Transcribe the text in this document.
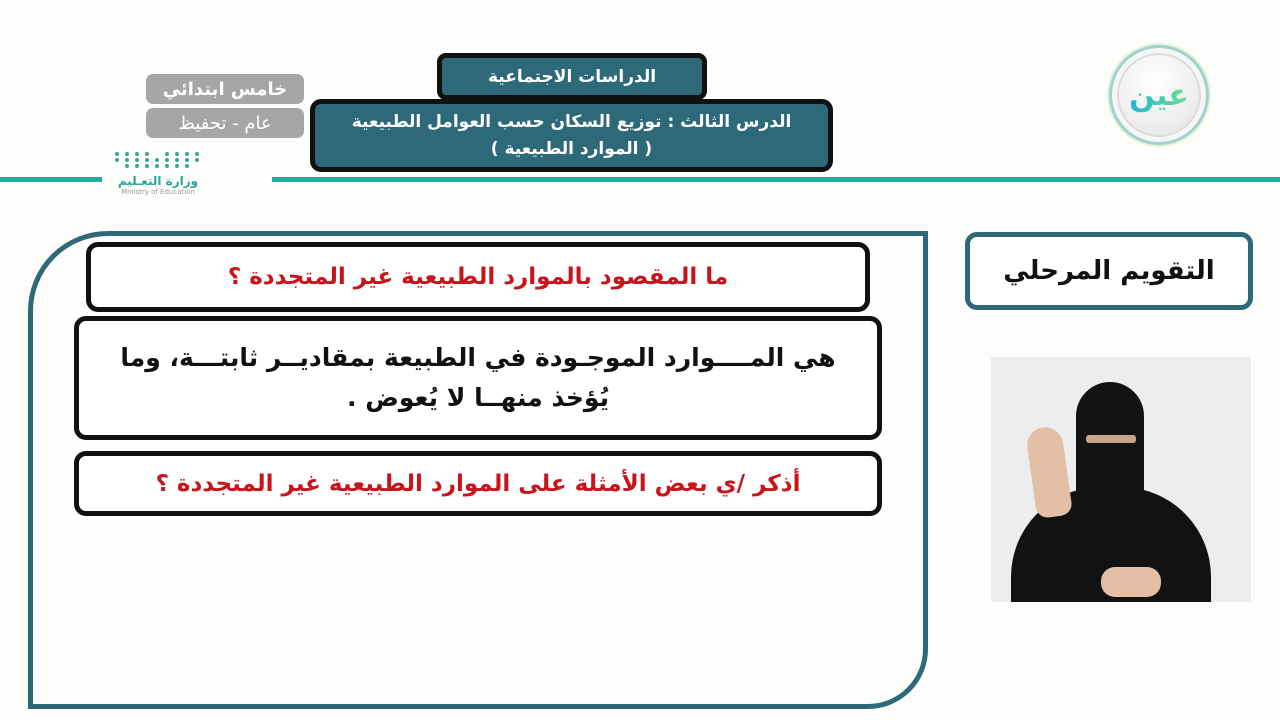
خامس ابتدائي
عام - تحفيظ
وزارة التعـليم
Ministry of Education
الدراسات الاجتماعية
الدرس الثالث : توزيع السكان حسب العوامل الطبيعية
( الموارد الطبيعية )
عين
ما المقصود بالموارد الطبيعية غير المتجددة ؟
هي المــــوارد الموجـودة في الطبيعة بمقاديــر ثابتـــة، وما
يُؤخذ منهــا لا يُعوض .
أذكر /ي بعض الأمثلة على الموارد الطبيعية غير المتجددة ؟
التقويم المرحلي
